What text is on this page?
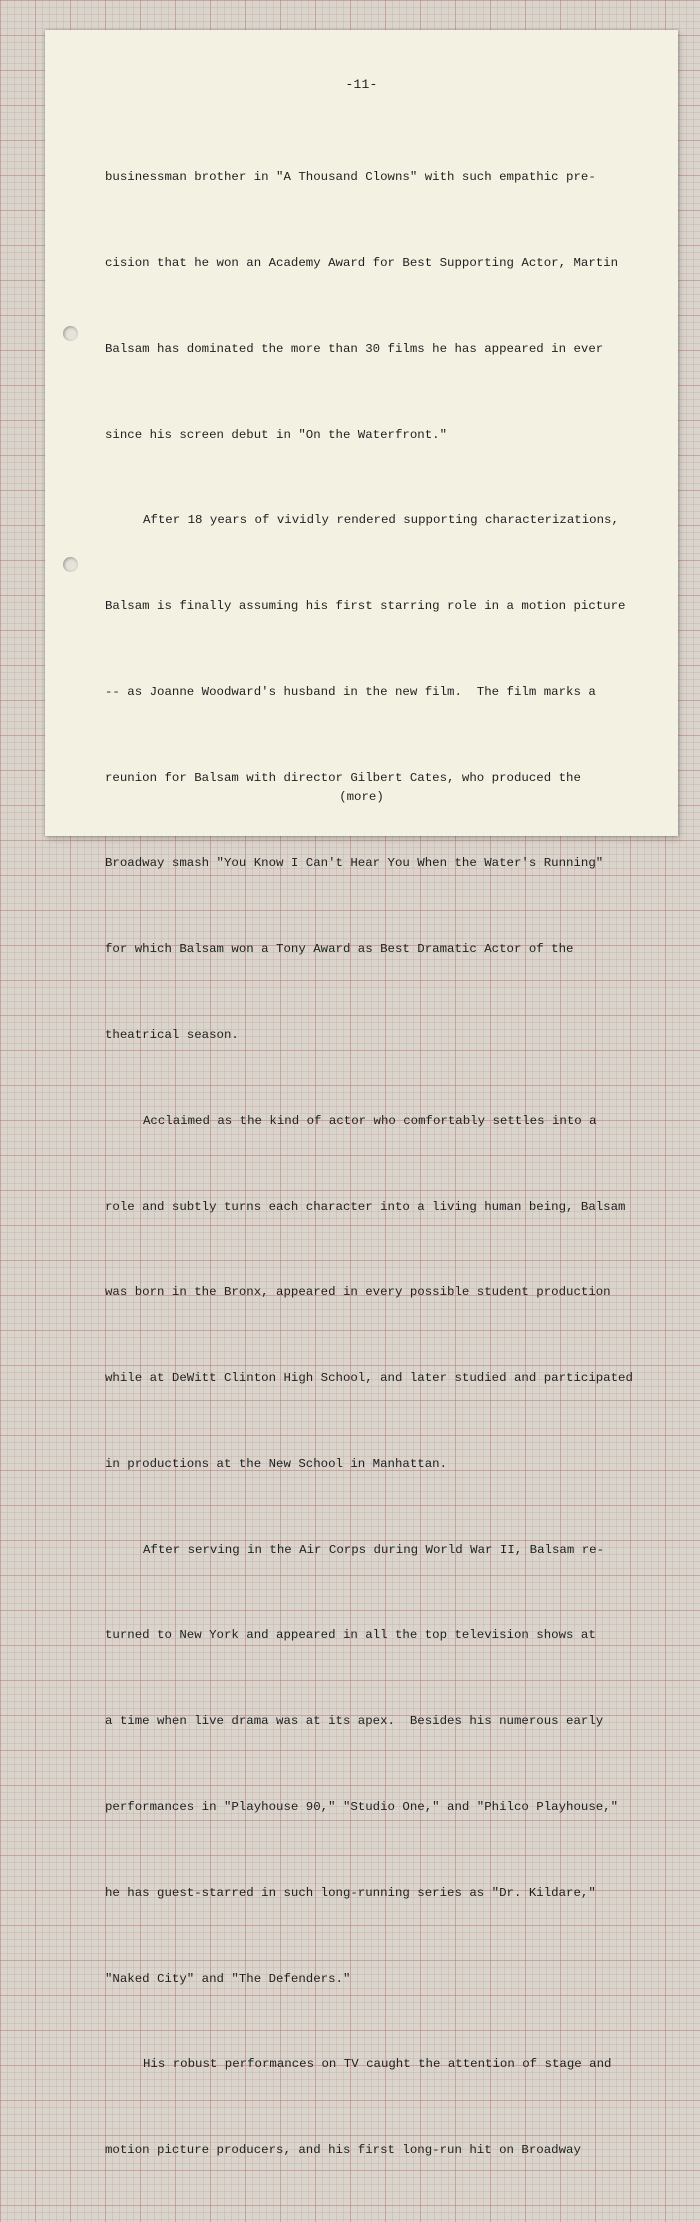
-11-

businessman brother in "A Thousand Clowns" with such empathic pre-

cision that he won an Academy Award for Best Supporting Actor, Martin

Balsam has dominated the more than 30 films he has appeared in ever

since his screen debut in "On the Waterfront."

After 18 years of vividly rendered supporting characterizations,

Balsam is finally assuming his first starring role in a motion picture

-- as Joanne Woodward's husband in the new film.  The film marks a

reunion for Balsam with director Gilbert Cates, who produced the

Broadway smash "You Know I Can't Hear You When the Water's Running"

for which Balsam won a Tony Award as Best Dramatic Actor of the

theatrical season.

Acclaimed as the kind of actor who comfortably settles into a

role and subtly turns each character into a living human being, Balsam

was born in the Bronx, appeared in every possible student production

while at DeWitt Clinton High School, and later studied and participated

in productions at the New School in Manhattan.

After serving in the Air Corps during World War II, Balsam re-

turned to New York and appeared in all the top television shows at

a time when live drama was at its apex.  Besides his numerous early

performances in "Playhouse 90," "Studio One," and "Philco Playhouse,"

he has guest-starred in such long-running series as "Dr. Kildare,"

"Naked City" and "The Defenders."

His robust performances on TV caught the attention of stage and

motion picture producers, and his first long-run hit on Broadway

(more)
